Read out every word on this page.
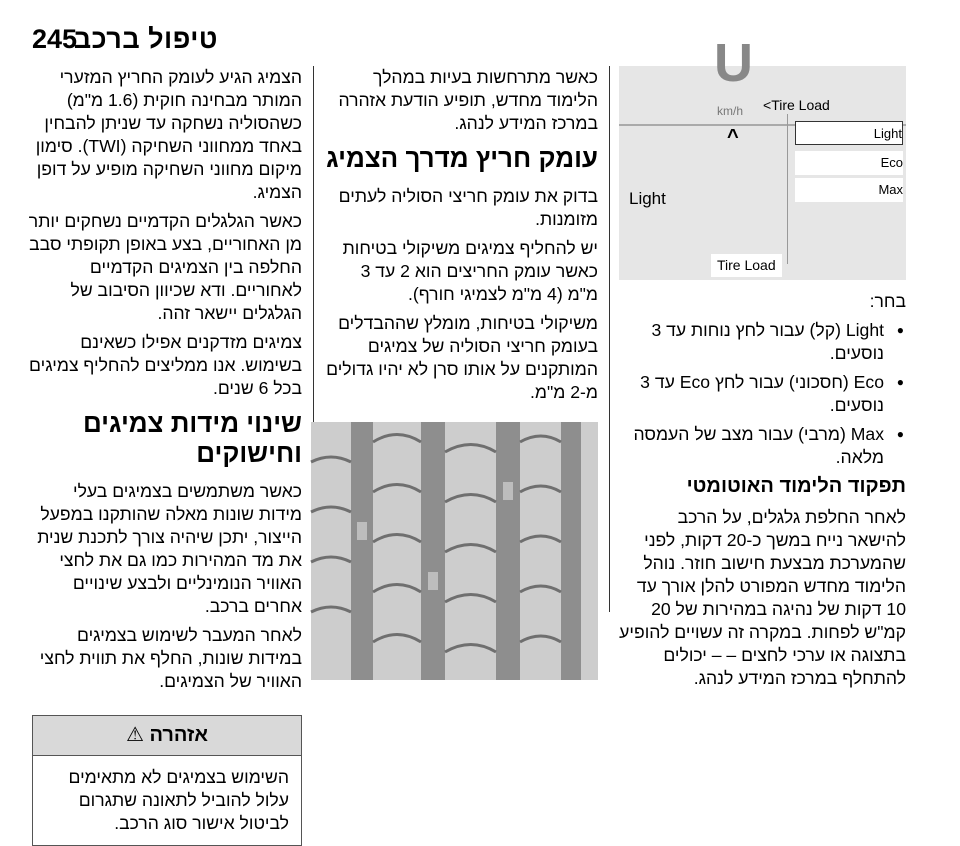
טיפול ברכב
245	U
km/h <Tire Load
^	Light
Eco
Max
Light
Tire Load

בחר:

● Light (קל) עבור לחץ נוחות עד 3 נוסעים.
● Eco (חסכוני) עבור לחץ Eco עד 3 נוסעים.
● Max (מרבי) עבור מצב של העמסה מלאה.
תפקוד הלימוד האוטומטי

לאחר החלפת גלגלים, על הרכב להישאר נייח במשך כ-20 דקות, לפני שהמערכת מבצעת חישוב חוזר. נוהל הלימוד מחדש המפורט להלן אורך עד 10 דקות של נהיגה במהירות של 20 קמ"ש לפחות. במקרה זה עשויים להופיע בתצוגה או ערכי לחצים – – יכולים להתחלף במרכז המידע לנהג.

כאשר מתרחשות בעיות במהלך הלימוד מחדש, תופיע הודעת אזהרה במרכז המידע לנהג.

עומק חריץ מדרך הצמיג

בדוק את עומק חריצי הסוליה לעתים מזומנות.

יש להחליף צמיגים משיקולי בטיחות כאשר עומק החריצים הוא 2 עד 3 מ"מ (4 מ"מ לצמיגי חורף).

משיקולי בטיחות, מומלץ שההבדלים בעומק חריצי הסוליה של צמיגים המותקנים על אותו סרן לא יהיו גדולים מ-2 מ"מ.

הצמיג הגיע לעומק החריץ המזערי המותר מבחינה חוקית (1.6 מ"מ) כשהסוליה נשחקה עד שניתן להבחין באחד ממחווני השחיקה (TWI). סימון מיקום מחווני השחיקה מופיע על דופן הצמיג.

כאשר הגלגלים הקדמיים נשחקים יותר מן האחוריים, בצע באופן תקופתי סבב החלפה בין הצמיגים הקדמיים לאחוריים. ודא שכיוון הסיבוב של הגלגלים יישאר זהה.

צמיגים מזדקנים אפילו כשאינם בשימוש. אנו ממליצים להחליף צמיגים בכל 6 שנים.

שינוי מידות צמיגים וחישוקים

כאשר משתמשים בצמיגים בעלי מידות שונות מאלה שהותקנו במפעל הייצור, יתכן שיהיה צורך לתכנת שנית את מד המהירות כמו גם את לחצי האוויר הנומינליים ולבצע שינויים אחרים ברכב.

לאחר המעבר לשימוש בצמיגים במידות שונות, החלף את תווית לחצי האוויר של הצמיגים.

אזהרה ⚠
השימוש בצמיגים לא מתאימים עלול להוביל לתאונה שתגרום לביטול אישור סוג הרכב.
